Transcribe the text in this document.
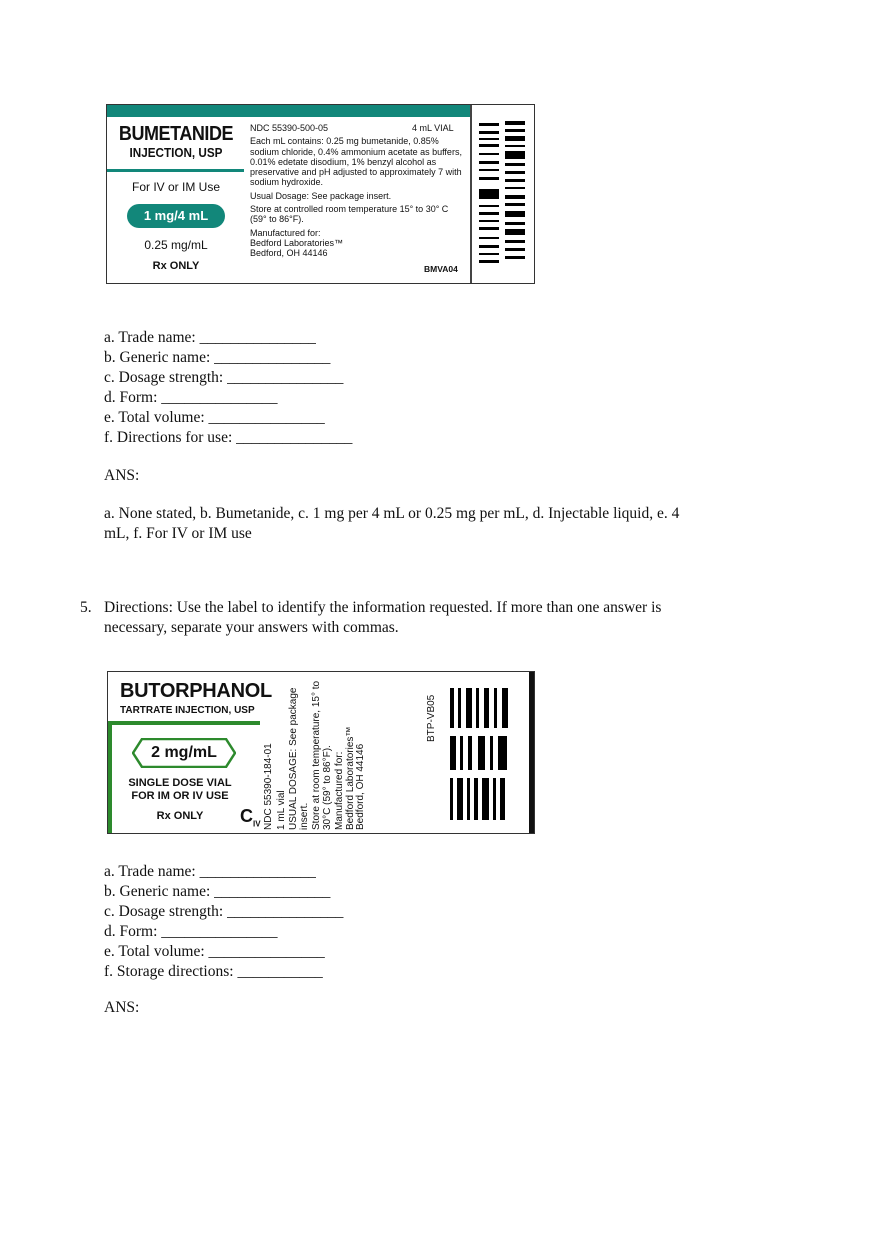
BUMETANIDE
INJECTION, USP
For IV or IM Use
1 mg/4 mL
0.25 mg/mL
Rx ONLY

NDC 55390-500-05

Each mL contains: 0.25 mg bumetanide, 0.85% sodium chloride, 0.4% ammonium acetate as buffers, 0.01% edetate disodium, 1% benzyl alcohol as preservative and pH adjusted to approximately 7 with sodium hydroxide.

Usual Dosage: See package insert.

Store at controlled room temperature 15° to 30° C (59° to 86°F).

Manufactured for:
Bedford Laboratories™
Bedford, OH 44146
4 mL VIAL
BMVA04
a. Trade name: _______________
b. Generic name: _______________
c. Dosage strength: _______________
d. Form: _______________
e. Total volume: _______________
f. Directions for use: _______________
ANS:
a. None stated, b. Bumetanide, c. 1 mg per 4 mL or 0.25 mg per mL, d. Injectable liquid, e. 4
mL, f. For IV or IM use
5. Directions: Use the label to identify the information requested. If more than one answer is
necessary, separate your answers with commas.
BUTORPHANOL
TARTRATE INJECTION, USP
2 mg/mL
SINGLE DOSE VIAL
FOR IM OR IV USE
Rx ONLY	$C_{IV}$ NDC 55390-184-01 1 mL vial USUAL DOSAGE: See package insert. Store at room temperature, 15° to 30°C (59° to 86°F). Manufactured for: Bedford Laboratories™ Bedford, OH 44146
BTP-VB05
a. Trade name: _______________
b. Generic name: _______________
c. Dosage strength: _______________
d. Form: _______________
e. Total volume: _______________
f. Storage directions: ___________
ANS:
